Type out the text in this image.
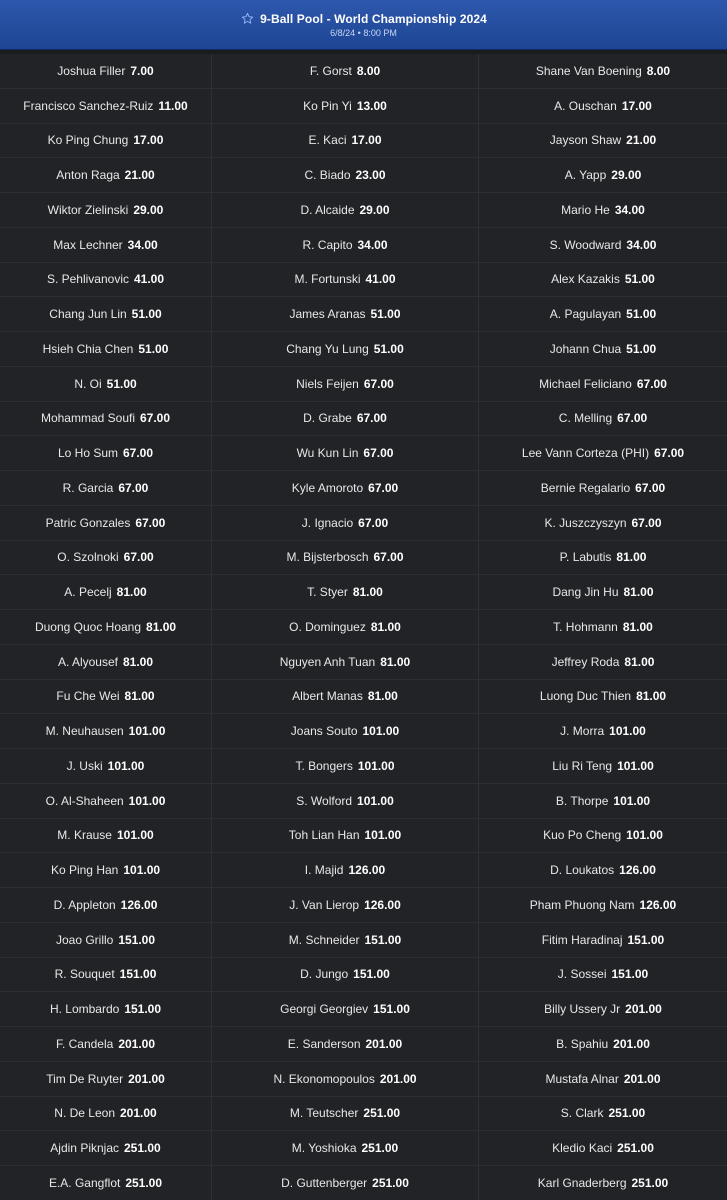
9-Ball Pool - World Championship 2024
6/8/24 • 8:00 PM
Joshua Filler 7.00	F. Gorst 8.00	Shane Van Boening 8.00
Francisco Sanchez-Ruiz 11.00	Ko Pin Yi 13.00	A. Ouschan 17.00
Ko Ping Chung 17.00	E. Kaci 17.00	Jayson Shaw 21.00
Anton Raga 21.00	C. Biado 23.00	A. Yapp 29.00
Wiktor Zielinski 29.00	D. Alcaide 29.00	Mario He 34.00
Max Lechner 34.00	R. Capito 34.00	S. Woodward 34.00
S. Pehlivanovic 41.00	M. Fortunski 41.00	Alex Kazakis 51.00
Chang Jun Lin 51.00	James Aranas 51.00	A. Pagulayan 51.00
Hsieh Chia Chen 51.00	Chang Yu Lung 51.00	Johann Chua 51.00
N. Oi 51.00	Niels Feijen 67.00	Michael Feliciano 67.00
Mohammad Soufi 67.00	D. Grabe 67.00	C. Melling 67.00
Lo Ho Sum 67.00	Wu Kun Lin 67.00	Lee Vann Corteza (PHI) 67.00
R. Garcia 67.00	Kyle Amoroto 67.00	Bernie Regalario 67.00
Patric Gonzales 67.00	J. Ignacio 67.00	K. Juszczyszyn 67.00
O. Szolnoki 67.00	M. Bijsterbosch 67.00	P. Labutis 81.00
A. Pecelj 81.00	T. Styer 81.00	Dang Jin Hu 81.00
Duong Quoc Hoang 81.00	O. Dominguez 81.00	T. Hohmann 81.00
A. Alyousef 81.00	Nguyen Anh Tuan 81.00	Jeffrey Roda 81.00
Fu Che Wei 81.00	Albert Manas 81.00	Luong Duc Thien 81.00
M. Neuhausen 101.00	Joans Souto 101.00	J. Morra 101.00
J. Uski 101.00	T. Bongers 101.00	Liu Ri Teng 101.00
O. Al-Shaheen 101.00	S. Wolford 101.00	B. Thorpe 101.00
M. Krause 101.00	Toh Lian Han 101.00	Kuo Po Cheng 101.00
Ko Ping Han 101.00	I. Majid 126.00	D. Loukatos 126.00
D. Appleton 126.00	J. Van Lierop 126.00	Pham Phuong Nam 126.00
Joao Grillo 151.00	M. Schneider 151.00	Fitim Haradinaj 151.00
R. Souquet 151.00	D. Jungo 151.00	J. Sossei 151.00
H. Lombardo 151.00	Georgi Georgiev 151.00	Billy Ussery Jr 201.00
F. Candela 201.00	E. Sanderson 201.00	B. Spahiu 201.00
Tim De Ruyter 201.00	N. Ekonomopoulos 201.00	Mustafa Alnar 201.00
N. De Leon 201.00	M. Teutscher 251.00	S. Clark 251.00
Ajdin Piknjac 251.00	M. Yoshioka 251.00	Kledio Kaci 251.00
E.A. Gangflot 251.00	D. Guttenberger 251.00	Karl Gnaderberg 251.00
